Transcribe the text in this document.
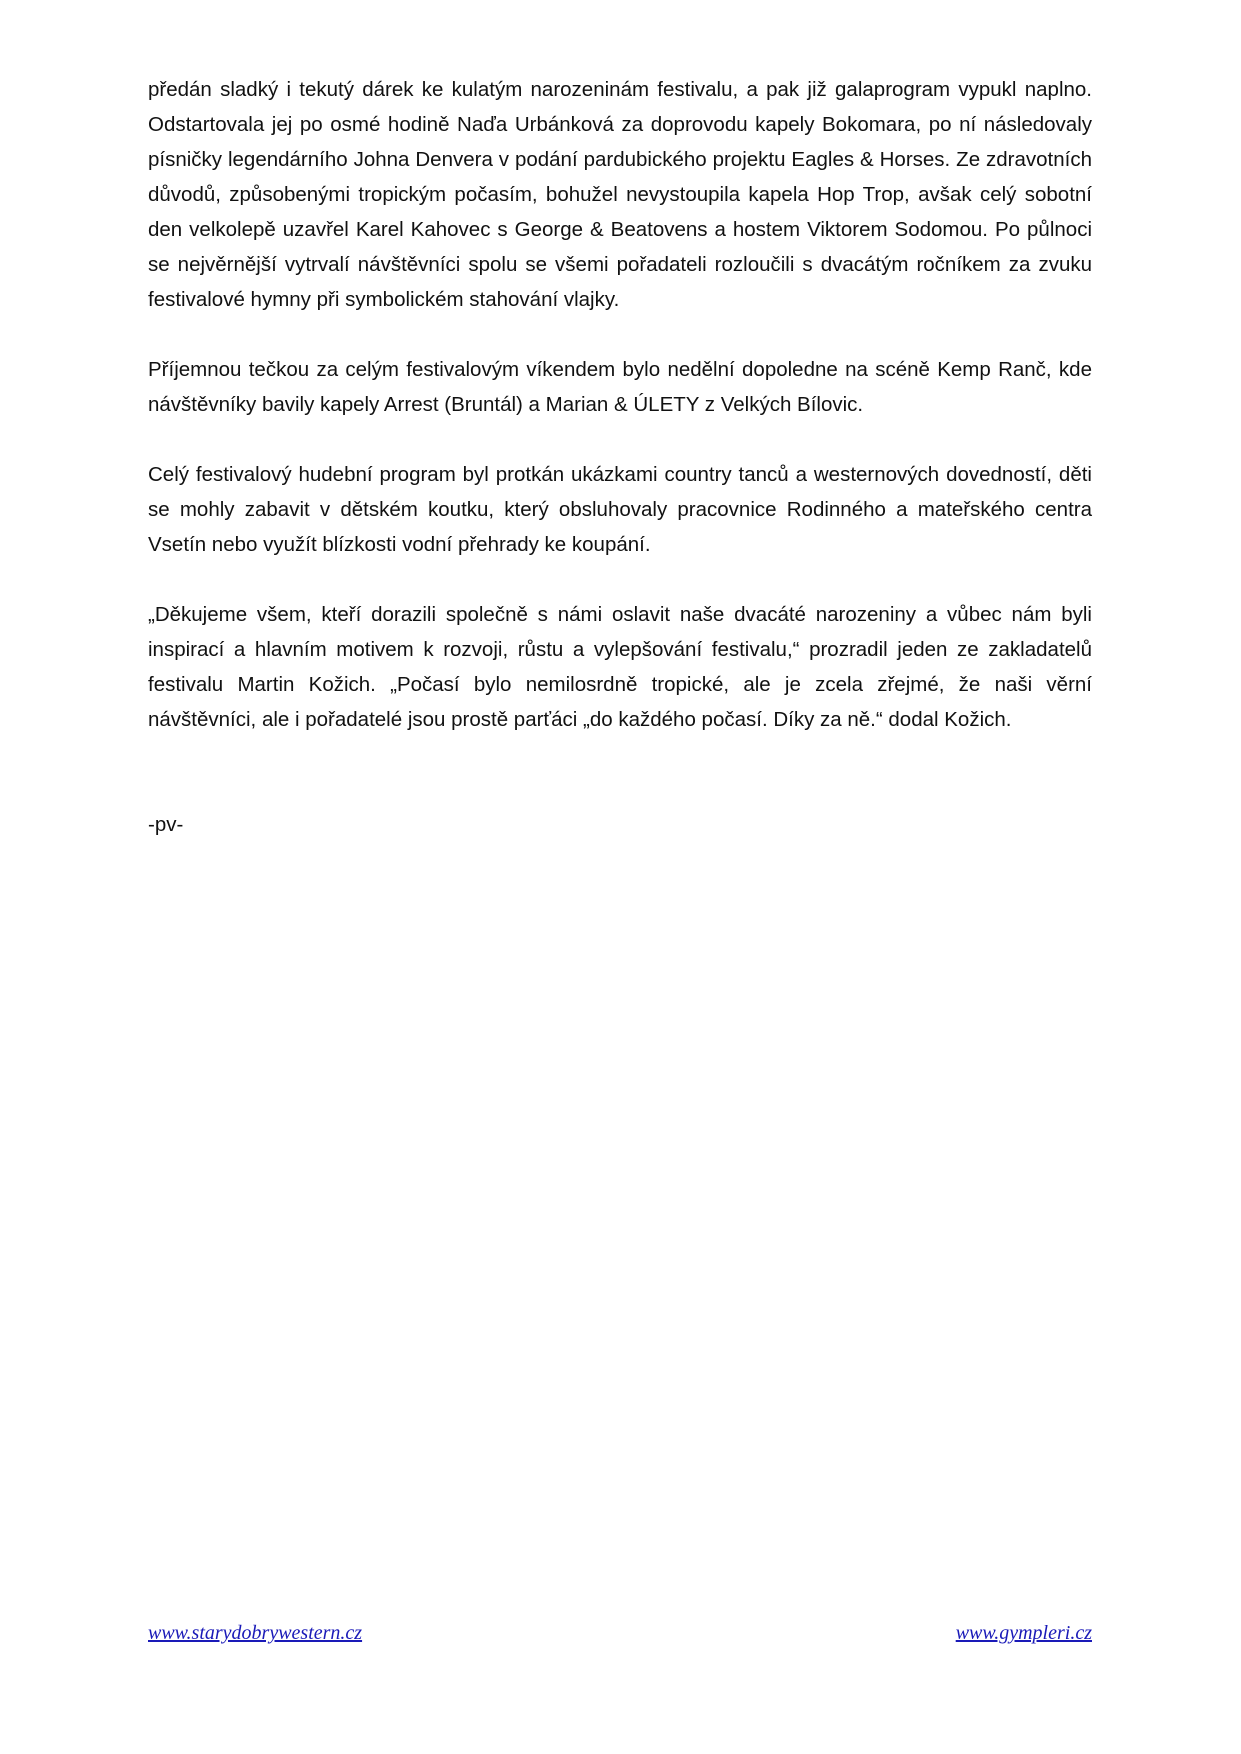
předán sladký i tekutý dárek ke kulatým narozeninám festivalu, a pak již galaprogram vypukl naplno. Odstartovala jej po osmé hodině Naďa Urbánková za doprovodu kapely Bokomara, po ní následovaly písničky legendárního Johna Denvera v podání pardubického projektu Eagles & Horses. Ze zdravotních důvodů, způsobenými tropickým počasím, bohužel nevystoupila kapela Hop Trop, avšak celý sobotní den velkolepě uzavřel Karel Kahovec s George & Beatovens a hostem Viktorem Sodomou. Po půlnoci se nejvěrnější vytrvalí návštěvníci spolu se všemi pořadateli rozloučili s dvacátým ročníkem za zvuku festivalové hymny při symbolickém stahování vlajky.

Příjemnou tečkou za celým festivalovým víkendem bylo nedělní dopoledne na scéně Kemp Ranč, kde návštěvníky bavily kapely Arrest (Bruntál) a Marian & ÚLETY z Velkých Bílovic.

Celý festivalový hudební program byl protkán ukázkami country tanců a westernových dovedností, děti se mohly zabavit v dětském koutku, který obsluhovaly pracovnice Rodinného a mateřského centra Vsetín nebo využít blízkosti vodní přehrady ke koupání.

„Děkujeme všem, kteří dorazili společně s námi oslavit naše dvacáté narozeniny a vůbec nám byli inspirací a hlavním motivem k rozvoji, růstu a vylepšování festivalu,“ prozradil jeden ze zakladatelů festivalu Martin Kožich. „Počasí bylo nemilosrdně tropické, ale je zcela zřejmé, že naši věrní návštěvníci, ale i pořadatelé jsou prostě parťáci „do každého počasí. Díky za ně.“ dodal Kožich.

-pv-

www.starydobrywestern.cz	www.gympleri.cz
